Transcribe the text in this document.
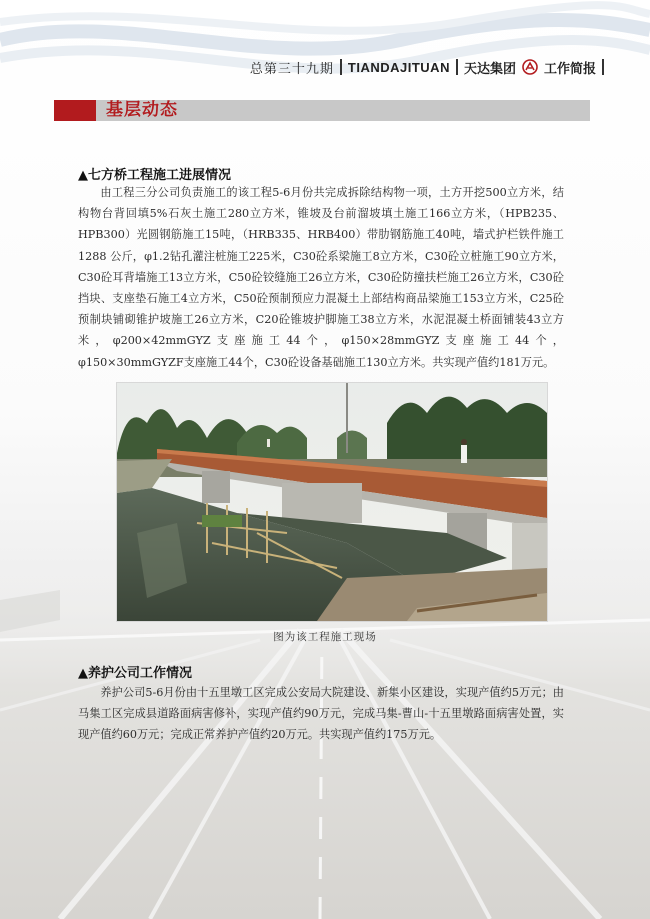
总第三十九期 TIANDAJITUAN 天达集团 工作简报
基层动态
▲七方桥工程施工进展情况

由工程三分公司负责施工的该工程5-6月份共完成拆除结构物一项，土方开挖500立方米，结构物台背回填5%石灰土施工280立方米，锥坡及台前溜坡填土施工166立方米，（HPB235、HPB300）光圆钢筋施工15吨，（HRB335、HRB400）带肋钢筋施工40吨，墙式护栏铁件施工1288 公斤，φ1.2钻孔灌注桩施工225米，C30砼系梁施工8立方米，C30砼立桩施工90立方米，C30砼耳背墙施工13立方米，C50砼铰缝施工26立方米，C30砼防撞扶栏施工26立方米，C30砼挡块、支座垫石施工4立方米，C50砼预制预应力混凝土上部结构商品梁施工153立方米，C25砼预制块铺砌锥护坡施工26立方米，C20砼锥坡护脚施工38立方米，水泥混凝土桥面铺装43立方米，φ200×42mmGYZ支座施工44个，φ150×28mmGYZ支座施工44个，φ150×30mmGYZF支座施工44个，C30砼设备基础施工130立方米。共实现产值约181万元。

图为该工程施工现场
▲养护公司工作情况

养护公司5-6月份由十五里墩工区完成公安局大院建设、新集小区建设，实现产值约5万元；由马集工区完成县道路面病害修补，实现产值约90万元，完成马集-曹山-十五里墩路面病害处置，实现产值约60万元；完成正常养护产值约20万元。共实现产值约175万元。
